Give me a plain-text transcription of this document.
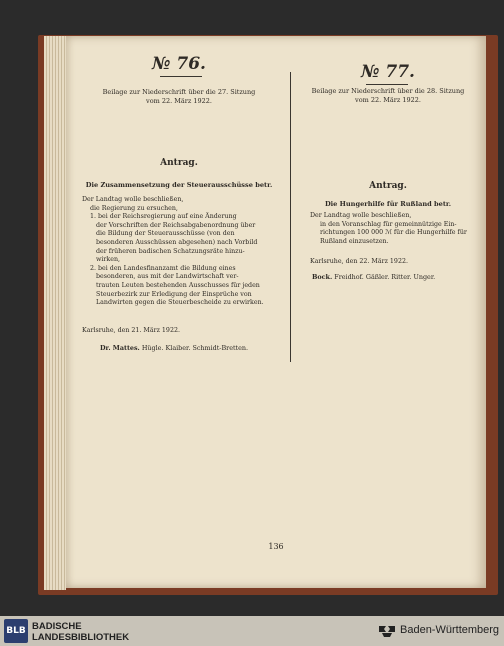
№ 76.

Beilage zur Niederschrift über die 27. Sitzung

vom 22. März 1922.

Antrag.

Die Zusammensetzung der Steuerausschüsse betr.

Der Landtag wolle beschließen,

die Regierung zu ersuchen,

1. bei der Reichsregierung auf eine Änderung

der Vorschriften der Reichsabgabenordnung über

die Bildung der Steuerausschüsse (von den

besonderen Ausschüssen abgesehen) nach Vorbild

der früheren badischen Schatzungsräte hinzu-

wirken,

2. bei den Landesfinanzamt die Bildung eines

besonderen, aus mit der Landwirtschaft ver-

trauten Leuten bestehenden Ausschusses für jeden

Steuerbezirk zur Erledigung der Einsprüche von

Landwirten gegen die Steuerbescheide zu erwirken.

Karlsruhe, den 21. März 1922.

Dr. Mattes. Hügle. Klaiber. Schmidt-Bretten.

№ 77.

Beilage zur Niederschrift über die 28. Sitzung

vom 22. März 1922.

Antrag.

Die Hungerhilfe für Rußland betr.

Der Landtag wolle beschließen,

in den Voranschlag für gemeinnützige Ein-

richtungen 100 000 ℳ für die Hungerhilfe für

Rußland einzusetzen.

Karlsruhe, den 22. März 1922.

Bock. Freidhof. Gäßler. Ritter. Unger.

136
BLB BADISCHE
LANDESBIBLIOTHEK
Baden-Württemberg
